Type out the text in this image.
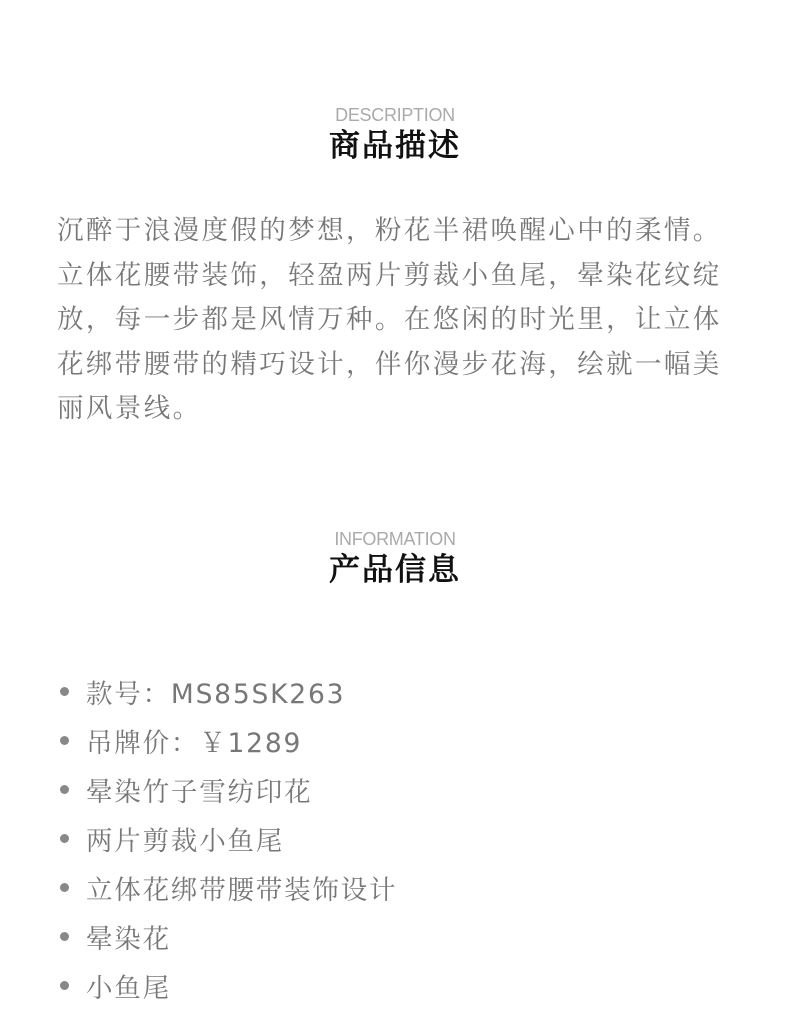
DESCRIPTION
商品描述

沉醉于浪漫度假的梦想，粉花半裙唤醒心中的柔情。立体花腰带装饰，轻盈两片剪裁小鱼尾，晕染花纹绽放，每一步都是风情万种。在悠闲的时光里，让立体花绑带腰带的精巧设计，伴你漫步花海，绘就一幅美丽风景线。

INFORMATION
产品信息
款号：MS85SK263
吊牌价：￥1289
晕染竹子雪纺印花
两片剪裁小鱼尾
立体花绑带腰带装饰设计
晕染花
小鱼尾
